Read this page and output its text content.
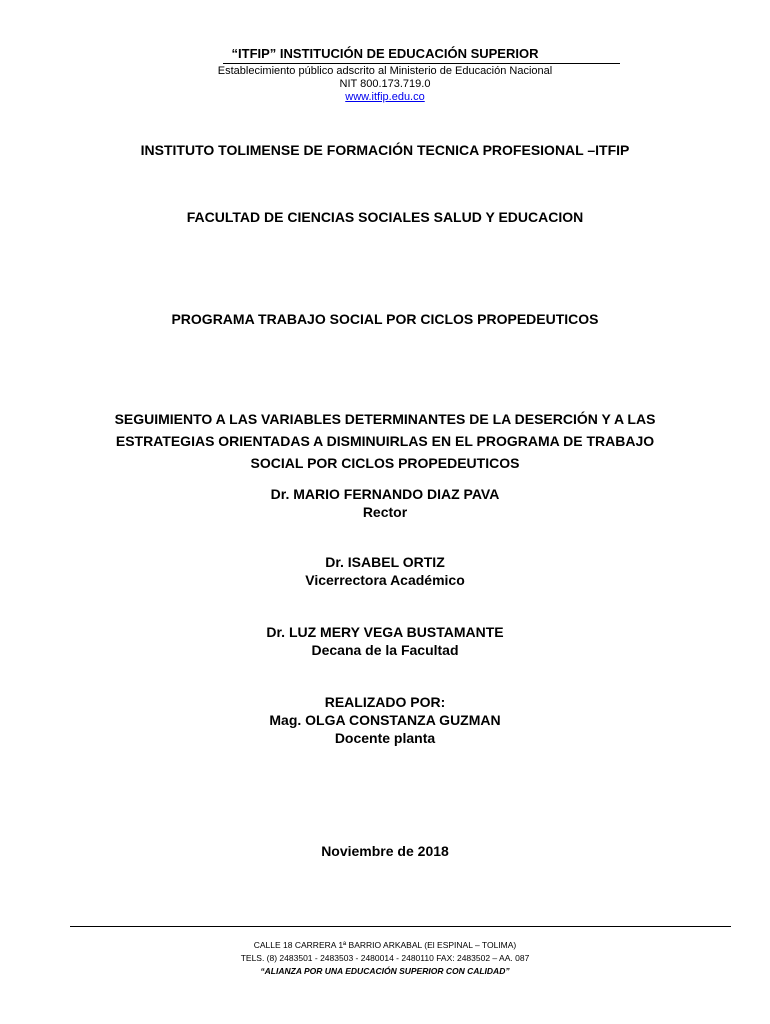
“ITFIP” INSTITUCIÓN DE EDUCACIÓN SUPERIOR
Establecimiento público adscrito al Ministerio de Educación Nacional
NIT 800.173.719.0
www.itfip.edu.co
INSTITUTO TOLIMENSE DE FORMACIÓN TECNICA PROFESIONAL –ITFIP
FACULTAD DE CIENCIAS SOCIALES SALUD Y EDUCACION
PROGRAMA TRABAJO SOCIAL POR CICLOS PROPEDEUTICOS
SEGUIMIENTO A LAS VARIABLES DETERMINANTES DE LA DESERCIÓN Y A LAS ESTRATEGIAS ORIENTADAS A DISMINUIRLAS EN EL PROGRAMA DE TRABAJO SOCIAL POR CICLOS PROPEDEUTICOS
Dr. MARIO FERNANDO DIAZ PAVA
Rector
Dr. ISABEL ORTIZ
Vicerrectora Académico
Dr. LUZ MERY VEGA BUSTAMANTE
Decana de la Facultad
REALIZADO POR:
Mag. OLGA CONSTANZA GUZMAN
Docente planta
Noviembre de 2018
CALLE 18 CARRERA 1ª BARRIO ARKABAL (El ESPINAL – TOLIMA)
TELS. (8) 2483501 - 2483503 - 2480014 - 2480110 FAX: 2483502 – AA. 087
“ALIANZA POR UNA EDUCACIÓN SUPERIOR CON CALIDAD”
